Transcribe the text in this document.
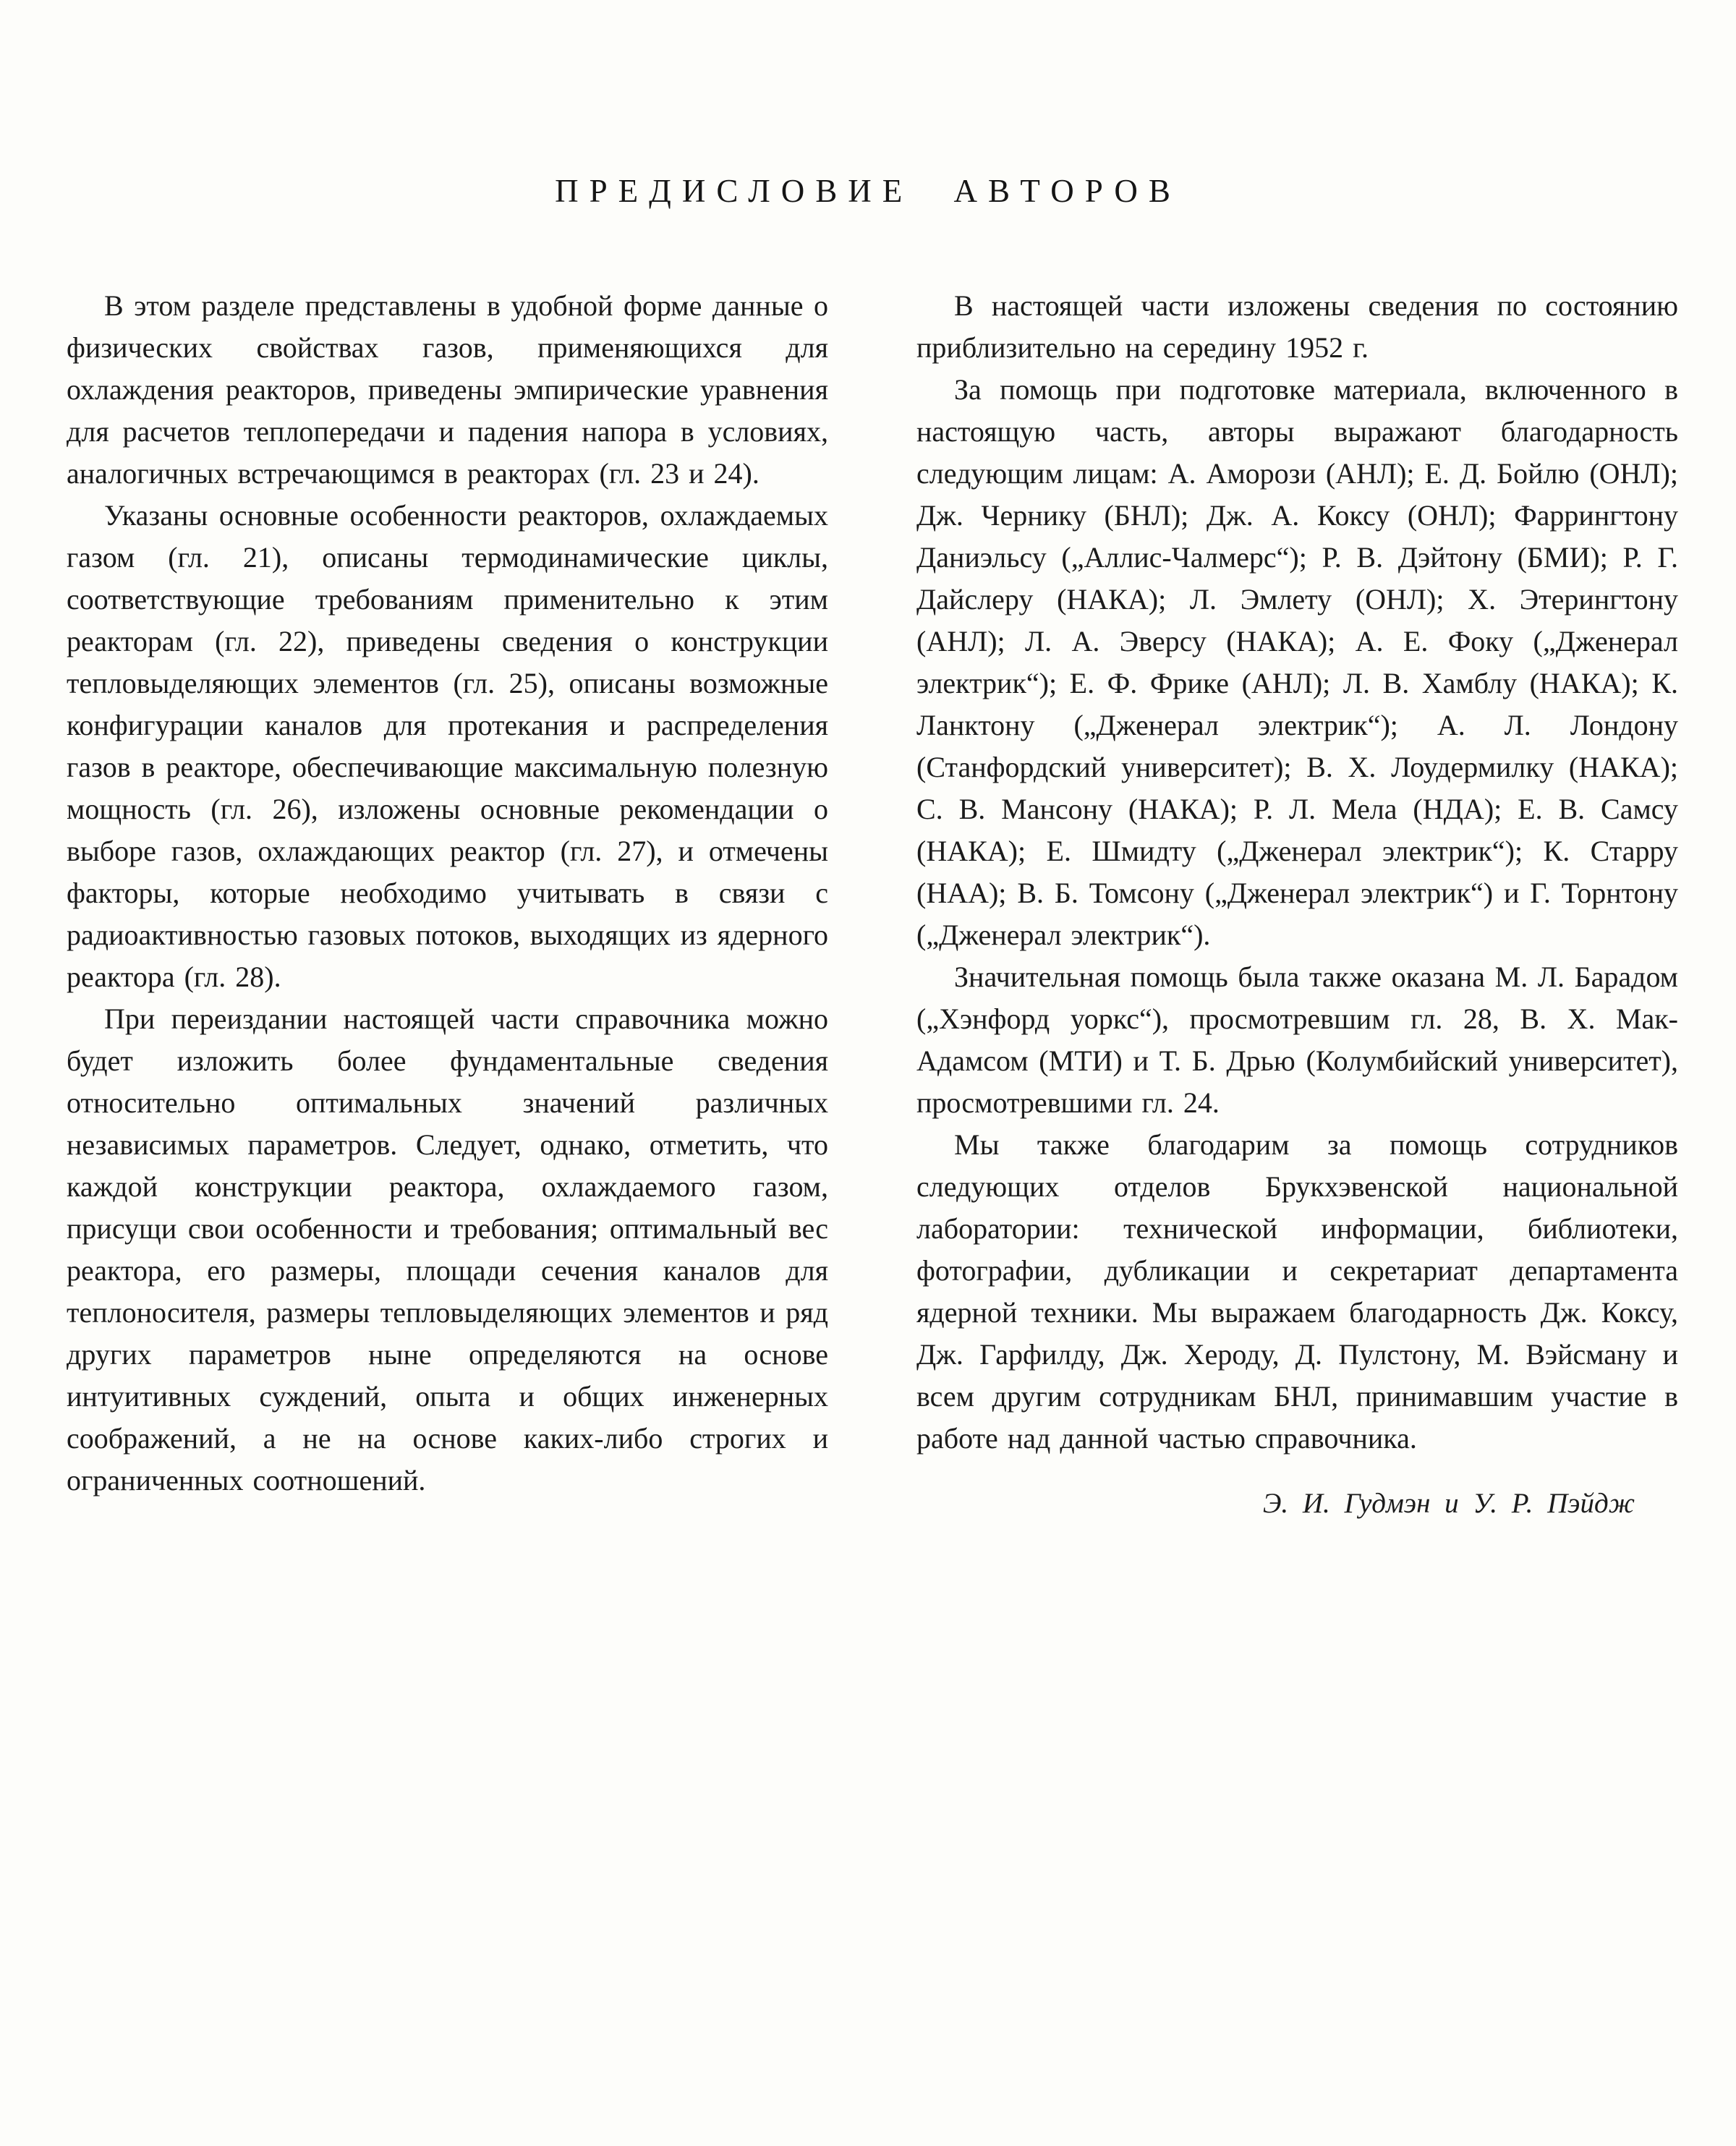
ПРЕДИСЛОВИЕ АВТОРОВ

В этом разделе представлены в удобной форме данные о физических свойствах газов, применяющихся для охлаждения реакторов, приведены эмпирические уравнения для расчетов теплопередачи и падения напора в условиях, аналогичных встречающимся в реакторах (гл. 23 и 24).

Указаны основные особенности реакторов, охлаждаемых газом (гл. 21), описаны термодинамические циклы, соответствующие требованиям применительно к этим реакторам (гл. 22), приведены сведения о конструкции тепловыделяющих элементов (гл. 25), описаны возможные конфигурации каналов для протекания и распределения газов в реакторе, обеспечивающие максимальную полезную мощность (гл. 26), изложены основные рекомендации о выборе газов, охлаждающих реактор (гл. 27), и отмечены факторы, которые необходимо учитывать в связи с радиоактивностью газовых потоков, выходящих из ядерного реактора (гл. 28).

При переиздании настоящей части справочника можно будет изложить более фундаментальные сведения относительно оптимальных значений различных независимых параметров. Следует, однако, отметить, что каждой конструкции реактора, охлаждаемого газом, присущи свои особенности и требования; оптимальный вес реактора, его размеры, площади сечения каналов для теплоносителя, размеры тепловыделяющих элементов и ряд других параметров ныне определяются на основе интуитивных суждений, опыта и общих инженерных соображений, а не на основе каких-либо строгих и ограниченных соотношений.

В настоящей части изложены сведения по состоянию приблизительно на середину 1952 г.

За помощь при подготовке материала, включенного в настоящую часть, авторы выражают благодарность следующим лицам: А. Аморози (АНЛ); Е. Д. Бойлю (ОНЛ); Дж. Чернику (БНЛ); Дж. А. Коксу (ОНЛ); Фаррингтону Даниэльсу („Аллис-Чалмерс“); Р. В. Дэйтону (БМИ); Р. Г. Дайслеру (НАКА); Л. Эмлету (ОНЛ); Х. Этерингтону (АНЛ); Л. А. Эверсу (НАКА); А. Е. Фоку („Дженерал электрик“); Е. Ф. Фрике (АНЛ); Л. В. Хамблу (НАКА); К. Ланктону („Дженерал электрик“); А. Л. Лондону (Станфордский университет); В. Х. Лоудермилку (НАКА); С. В. Мансону (НАКА); Р. Л. Мела (НДА); Е. В. Самсу (НАКА); Е. Шмидту („Дженерал электрик“); К. Старру (НАА); В. Б. Томсону („Дженерал электрик“) и Г. Торнтону („Дженерал электрик“).

Значительная помощь была также оказана М. Л. Барадом („Хэнфорд уоркс“), просмотревшим гл. 28, В. Х. Мак-Адамсом (МТИ) и Т. Б. Дрью (Колумбийский университет), просмотревшими гл. 24.

Мы также благодарим за помощь сотрудников следующих отделов Брукхэвенской национальной лаборатории: технической информации, библиотеки, фотографии, дубликации и секретариат департамента ядерной техники. Мы выражаем благодарность Дж. Коксу, Дж. Гарфилду, Дж. Хероду, Д. Пулстону, М. Вэйсману и всем другим сотрудникам БНЛ, принимавшим участие в работе над данной частью справочника.

Э. И. Гудмэн и У. Р. Пэйдж
